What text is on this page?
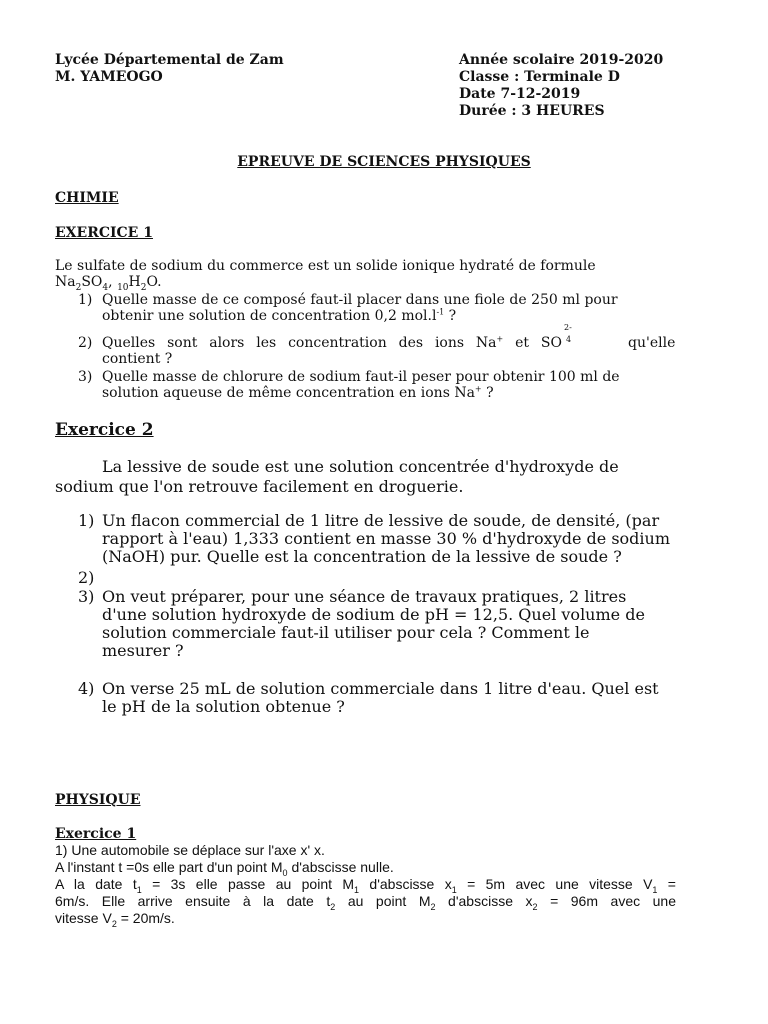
Lycée Départemental de Zam
M. YAMEOGO
Année scolaire 2019-2020
Classe : Terminale D
Date 7-12-2019
Durée : 3 HEURES
EPREUVE DE SCIENCES PHYSIQUES
CHIMIE
EXERCICE 1
Le sulfate de sodium du commerce est un solide ionique hydraté de formule
$Na_2SO_4$, $_{10}H_2O$.
1) Quelle masse de ce composé faut-il placer dans une fiole de 250 ml pour
obtenir une solution de concentration 0,2 $mol.l^{-1}$ ?
2) Quelles sont alors les concentration des ions Na+ et SO
2-
4	qu'elle

contient ?
3) Quelle masse de chlorure de sodium faut-il peser pour obtenir 100 ml de
solution aqueuse de même concentration en ions Na+ ?
Exercice 2
La lessive de soude est une solution concentrée d'hydroxyde de
sodium que l'on retrouve facilement en droguerie.
1) Un flacon commercial de 1 litre de lessive de soude, de densité, (par
rapport à l'eau) 1,333 contient en masse 30 % d'hydroxyde de sodium
(NaOH) pur. Quelle est la concentration de la lessive de soude ?
2)
3) On veut préparer, pour une séance de travaux pratiques, 2 litres
d'une solution hydroxyde de sodium de pH = 12,5. Quel volume de
solution commerciale faut-il utiliser pour cela ? Comment le
mesurer ?
4) On verse 25 mL de solution commerciale dans 1 litre d'eau. Quel est
le pH de la solution obtenue ?
PHYSIQUE
Exercice 1
1) Une automobile se déplace sur l'axe x' x.
A l'instant t =0s elle part d'un point $M_0$ d'abscisse nulle.
A la date $t_1 = 3s$ elle passe au point $M_1$ d'abscisse $x_1 = 5m$ avec une vitesse $V_1$ =
6m/s. Elle arrive ensuite à la date $t_2$ au point $M_2$ d'abscisse $x_2 = 96m$ avec une
vitesse $V_2 = 20m/s$.
